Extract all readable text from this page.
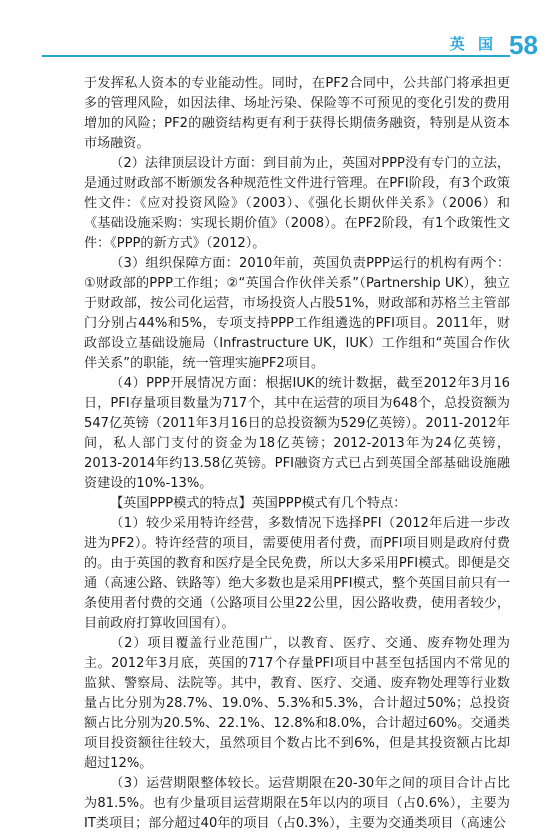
英 国 58

于发挥私人资本的专业能动性。同时，在PF2合同中，公共部门将承担更多的管理风险，如因法律、场址污染、保险等不可预见的变化引发的费用增加的风险；PF2的融资结构更有利于获得长期债务融资，特别是从资本市场融资。

（2）法律顶层设计方面：到目前为止，英国对PPP没有专门的立法，是通过财政部不断颁发各种规范性文件进行管理。在PFI阶段，有3个政策性文件：《应对投资风险》（2003）、《强化长期伙伴关系》（2006）和《基础设施采购：实现长期价值》（2008）。在PF2阶段，有1个政策性文件：《PPP的新方式》（2012）。

（3）组织保障方面：2010年前，英国负责PPP运行的机构有两个：①财政部的PPP工作组；②“英国合作伙伴关系”（Partnership UK），独立于财政部，按公司化运营，市场投资人占股51%，财政部和苏格兰主管部门分别占44%和5%，专项支持PPP工作组遴选的PFI项目。2011年，财政部设立基础设施局（Infrastructure UK，IUK）工作组和“英国合作伙伴关系”的职能，统一管理实施PF2项目。

（4）PPP开展情况方面：根据IUK的统计数据，截至2012年3月16日，PFI存量项目数量为717个，其中在运营的项目为648个，总投资额为547亿英镑（2011年3月16日的总投资额为529亿英镑）。2011-2012年间，私人部门支付的资金为18亿英镑；2012-2013年为24亿英镑，2013-2014年约13.58亿英镑。PFI融资方式已占到英国全部基础设施融资建设的10%-13%。

【英国PPP模式的特点】英国PPP模式有几个特点：

（1）较少采用特许经营，多数情况下选择PFI（2012年后进一步改进为PF2）。特许经营的项目，需要使用者付费，而PFI项目则是政府付费的。由于英国的教育和医疗是全民免费，所以大多采用PFI模式。即便是交通（高速公路、铁路等）绝大多数也是采用PFI模式，整个英国目前只有一条使用者付费的交通（公路项目公里22公里，因公路收费，使用者较少，目前政府打算收回国有）。

（2）项目覆盖行业范围广，以教育、医疗、交通、废弃物处理为主。2012年3月底，英国的717个存量PFI项目中甚至包括国内不常见的监狱、警察局、法院等。其中，教育、医疗、交通、废弃物处理等行业数量占比分别为28.7%、19.0%、5.3%和5.3%，合计超过50%；总投资额占比分别为20.5%、22.1%、12.8%和8.0%，合计超过60%。交通类项目投资额往往较大，虽然项目个数占比不到6%，但是其投资额占比却超过12%。

（3）运营期限整体较长。运营期限在20-30年之间的项目合计占比为81.5%。也有少量项目运营期限在5年以内的项目（占0.6%），主要为IT类项目；部分超过40年的项目（占0.3%），主要为交通类项目（高速公
